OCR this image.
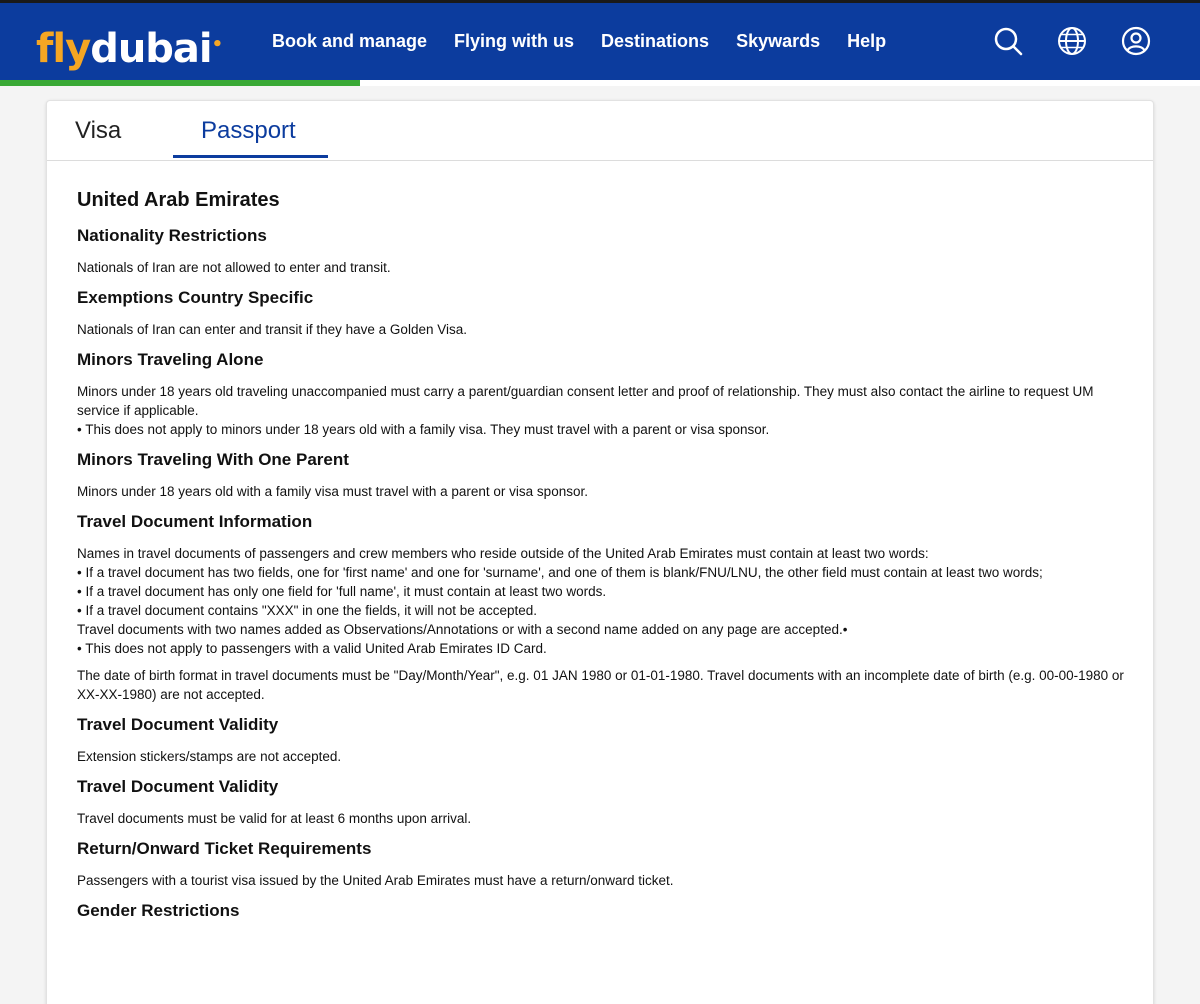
flydubai•	Book and manage Flying with us Destinations Skywards Help
Visa	Passport
United Arab Emirates
Nationality Restrictions
Nationals of Iran are not allowed to enter and transit.
Exemptions Country Specific
Nationals of Iran can enter and transit if they have a Golden Visa.
Minors Traveling Alone
Minors under 18 years old traveling unaccompanied must carry a parent/guardian consent letter and proof of relationship. They must also contact the airline to request UM service if applicable.
• This does not apply to minors under 18 years old with a family visa. They must travel with a parent or visa sponsor.
Minors Traveling With One Parent
Minors under 18 years old with a family visa must travel with a parent or visa sponsor.
Travel Document Information
Names in travel documents of passengers and crew members who reside outside of the United Arab Emirates must contain at least two words:
• If a travel document has two fields, one for 'first name' and one for 'surname', and one of them is blank/FNU/LNU, the other field must contain at least two words;
• If a travel document has only one field for 'full name', it must contain at least two words.
• If a travel document contains "XXX" in one the fields, it will not be accepted.
Travel documents with two names added as Observations/Annotations or with a second name added on any page are accepted.•
• This does not apply to passengers with a valid United Arab Emirates ID Card.
The date of birth format in travel documents must be "Day/Month/Year", e.g. 01 JAN 1980 or 01-01-1980. Travel documents with an incomplete date of birth (e.g. 00-00-1980 or XX-XX-1980) are not accepted.
Travel Document Validity
Extension stickers/stamps are not accepted.
Travel Document Validity
Travel documents must be valid for at least 6 months upon arrival.
Return/Onward Ticket Requirements
Passengers with a tourist visa issued by the United Arab Emirates must have a return/onward ticket.
Gender Restrictions
